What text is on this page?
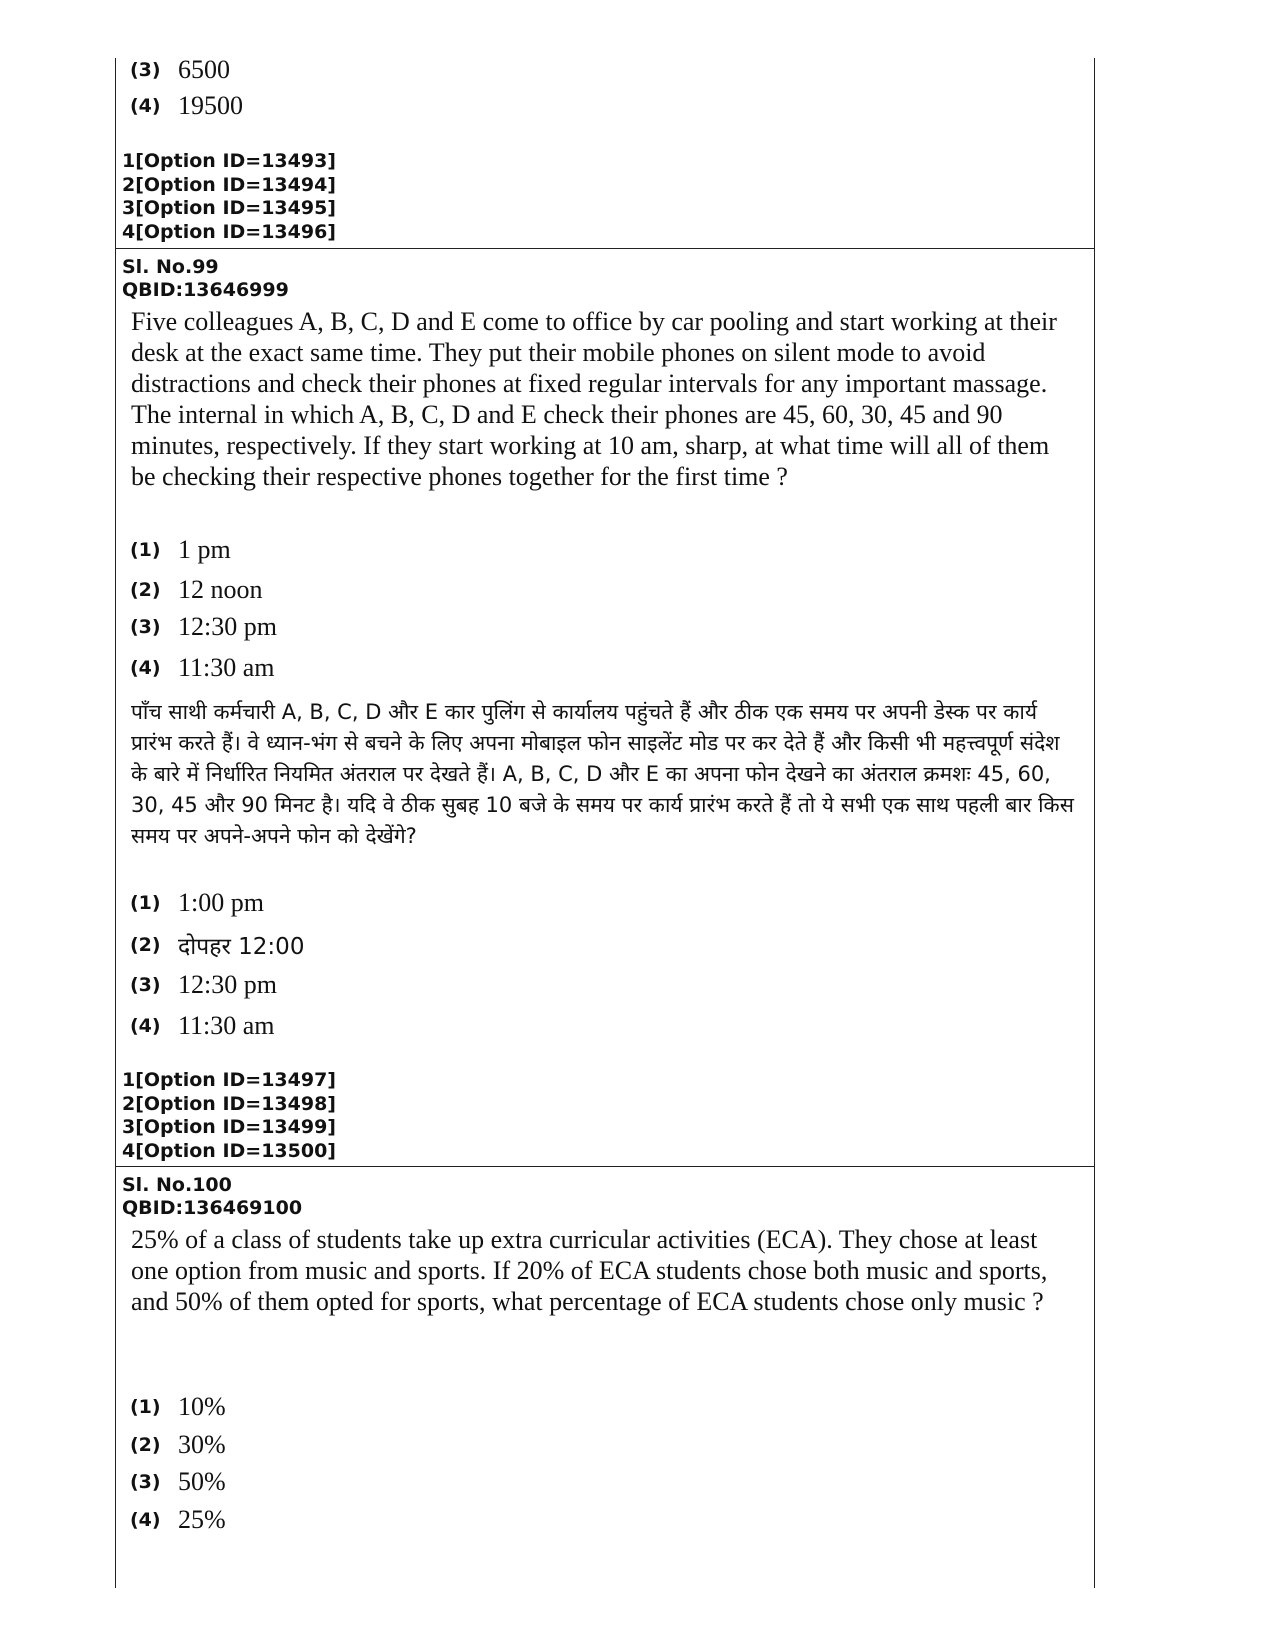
(3) 6500
(4) 19500
1[Option ID=13493]
2[Option ID=13494]
3[Option ID=13495]
4[Option ID=13496]
Sl. No.99
QBID:13646999
Five colleagues A, B, C, D and E come to office by car pooling and start working at their desk at the exact same time. They put their mobile phones on silent mode to avoid distractions and check their phones at fixed regular intervals for any important massage. The internal in which A, B, C, D and E check their phones are 45, 60, 30, 45 and 90 minutes, respectively. If they start working at 10 am, sharp, at what time will all of them be checking their respective phones together for the first time ?
(1) 1 pm
(2) 12 noon
(3) 12:30 pm
(4) 11:30 am
पाँच साथी कर्मचारी A, B, C, D और E कार पुलिंग से कार्यालय पहुंचते हैं और ठीक एक समय पर अपनी डेस्क पर कार्य प्रारंभ करते हैं। वे ध्यान-भंग से बचने के लिए अपना मोबाइल फोन साइलेंट मोड पर कर देते हैं और किसी भी महत्त्वपूर्ण संदेश के बारे में निर्धारित नियमित अंतराल पर देखते हैं। A, B, C, D और E का अपना फोन देखने का अंतराल क्रमशः 45, 60, 30, 45 और 90 मिनट है। यदि वे ठीक सुबह 10 बजे के समय पर कार्य प्रारंभ करते हैं तो ये सभी एक साथ पहली बार किस समय पर अपने-अपने फोन को देखेंगे?
(1) 1:00 pm
(2) दोपहर 12:00
(3) 12:30 pm
(4) 11:30 am
1[Option ID=13497]
2[Option ID=13498]
3[Option ID=13499]
4[Option ID=13500]
Sl. No.100
QBID:136469100
25% of a class of students take up extra curricular activities (ECA). They chose at least one option from music and sports. If 20% of ECA students chose both music and sports, and 50% of them opted for sports, what percentage of ECA students chose only music ?
(1) 10%
(2) 30%
(3) 50%
(4) 25%
